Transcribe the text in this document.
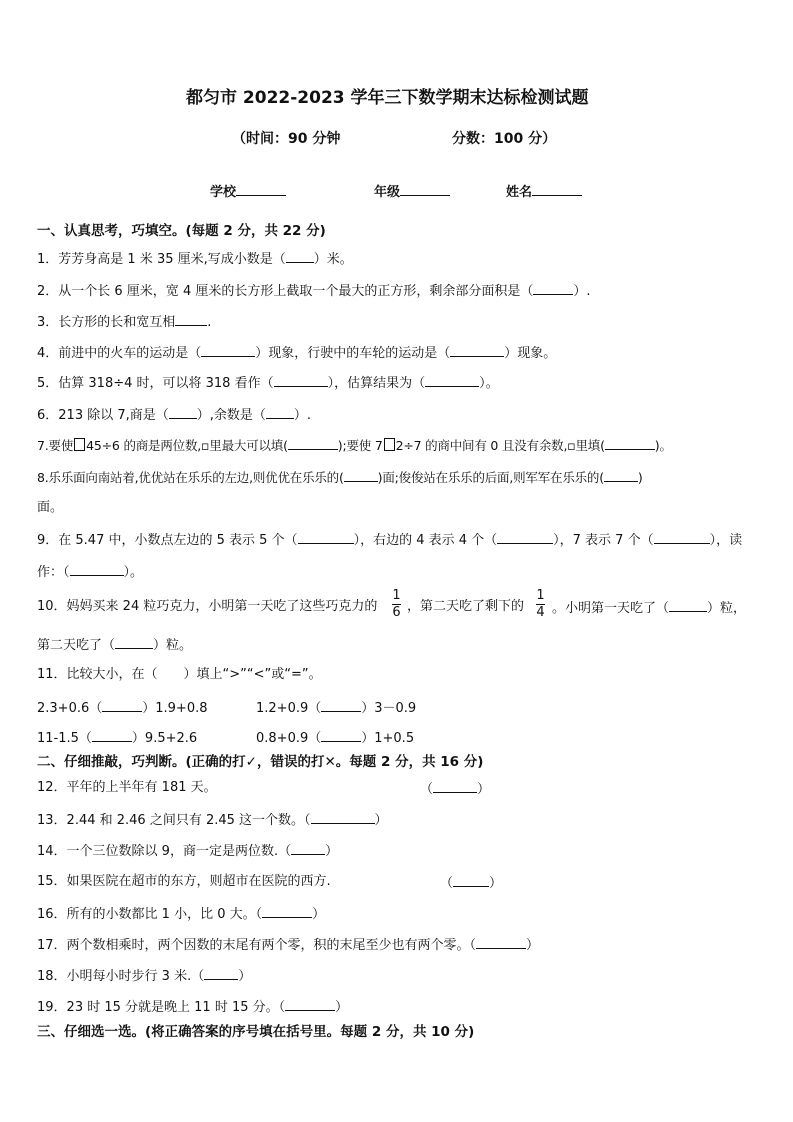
都匀市 2022-2023 学年三下数学期末达标检测试题
（时间：90 分钟	分数：100 分）
学校	年级	姓名
一、认真思考，巧填空。(每题 2 分，共 22 分)
1．芳芳身高是 1 米 35 厘米,写成小数是（ ）米。
2．从一个长 6 厘米，宽 4 厘米的长方形上截取一个最大的正方形，剩余部分面积是（	）.
3．长方形的长和宽互相 .
4．前进中的火车的运动是（	）现象，行驶中的车轮的运动是（	）现象。
5．估算 318÷4 时，可以将 318 看作（	），估算结果为（	）。
6．213 除以 7,商是（ ）,余数是（ ）.
7.要使 45÷6 的商是两位数,▫里最大可以填(	);要使 7 2÷7 的商中间有 0 且没有余数,▫里填(	)。
8.乐乐面向南站着,优优站在乐乐的左边,则优优在乐乐的(	)面;俊俊站在乐乐的后面,则军军在乐乐的(	)
面。
9．在 5.47 中，小数点左边的 5 表示 5 个（	），右边的 4 表示 4 个（	），7 表示 7 个（	），读
作：（	）。
10．妈妈买来 24 粒巧克力，小明第一天吃了这些巧克力的
1
6 ，第二天吃了剩下的
1
4 。小明第一天吃了（	）粒，
第二天吃了（	）粒。
11．比较大小，在（　　）填上“>”“<”或“=”。
2.3+0.6（	）1.9+0.8	1.2+0.9（	）3－0.9
11-1.5（	）9.5+2.6	0.8+0.9（	）1+0.5
二、仔细推敲，巧判断。(正确的打✓，错误的打✕。每题 2 分，共 16 分)
12．平年的上半年有 181 天。	（	）
13．2.44 和 2.46 之间只有 2.45 这一个数。（	）
14．一个三位数除以 9，商一定是两位数.（	）
15．如果医院在超市的东方，则超市在医院的西方.	（	）
16．所有的小数都比 1 小，比 0 大。（	）
17．两个数相乘时，两个因数的末尾有两个零，积的末尾至少也有两个零。（	）
18．小明每小时步行 3 米.（	）
19．23 时 15 分就是晚上 11 时 15 分。（	）
三、仔细选一选。(将正确答案的序号填在括号里。每题 2 分，共 10 分)
